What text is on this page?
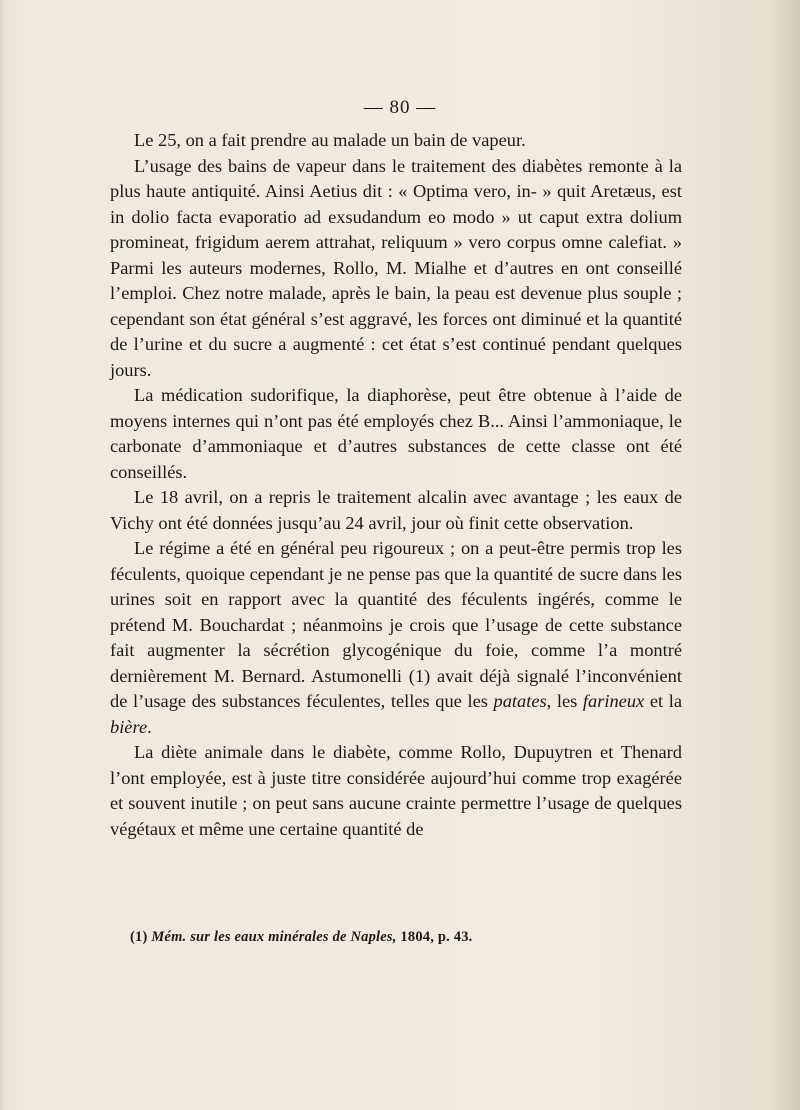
— 80 —

Le 25, on a fait prendre au malade un bain de vapeur.

L’usage des bains de vapeur dans le traitement des diabètes remonte à la plus haute antiquité. Ainsi Aetius dit : « Optima vero, in- » quit Aretæus, est in dolio facta evaporatio ad exsudandum eo modo » ut caput extra dolium promineat, frigidum aerem attrahat, reliquum » vero corpus omne calefiat. » Parmi les auteurs modernes, Rollo, M. Mialhe et d’autres en ont conseillé l’emploi. Chez notre malade, après le bain, la peau est devenue plus souple ; cependant son état général s’est aggravé, les forces ont diminué et la quantité de l’urine et du sucre a augmenté : cet état s’est continué pendant quelques jours.

La médication sudorifique, la diaphorèse, peut être obtenue à l’aide de moyens internes qui n’ont pas été employés chez B... Ainsi l’ammoniaque, le carbonate d’ammoniaque et d’autres substances de cette classe ont été conseillés.

Le 18 avril, on a repris le traitement alcalin avec avantage ; les eaux de Vichy ont été données jusqu’au 24 avril, jour où finit cette observation.

Le régime a été en général peu rigoureux ; on a peut-être permis trop les féculents, quoique cependant je ne pense pas que la quantité de sucre dans les urines soit en rapport avec la quantité des féculents ingérés, comme le prétend M. Bouchardat ; néanmoins je crois que l’usage de cette substance fait augmenter la sécrétion glycogénique du foie, comme l’a montré dernièrement M. Bernard. Astumonelli (1) avait déjà signalé l’inconvénient de l’usage des substances féculentes, telles que les patates, les farineux et la bière.

La diète animale dans le diabète, comme Rollo, Dupuytren et Thenard l’ont employée, est à juste titre considérée aujourd’hui comme trop exagérée et souvent inutile ; on peut sans aucune crainte permettre l’usage de quelques végétaux et même une certaine quantité de

(1) Mém. sur les eaux minérales de Naples, 1804, p. 43.
